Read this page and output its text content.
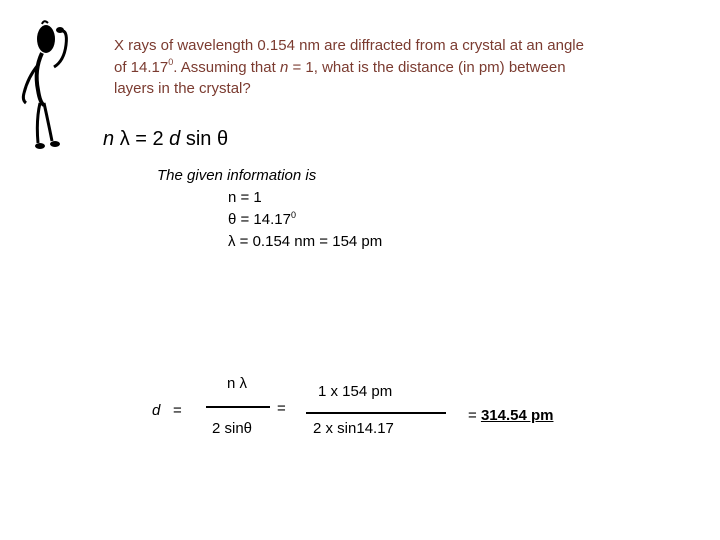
X rays of wavelength 0.154 nm are diffracted from a crystal at an angle
of 14.17$^0$. Assuming that n = 1, what is the distance (in pm) between
layers in the crystal?
n λ = 2 d sin θ
The given information is
n = 1
$\theta = 14.17^0$
λ = 0.154 nm = 154 pm
d =
n λ
2 sinθ
=
1 x 154 pm
2 x sin14.17
= 314.54 pm
